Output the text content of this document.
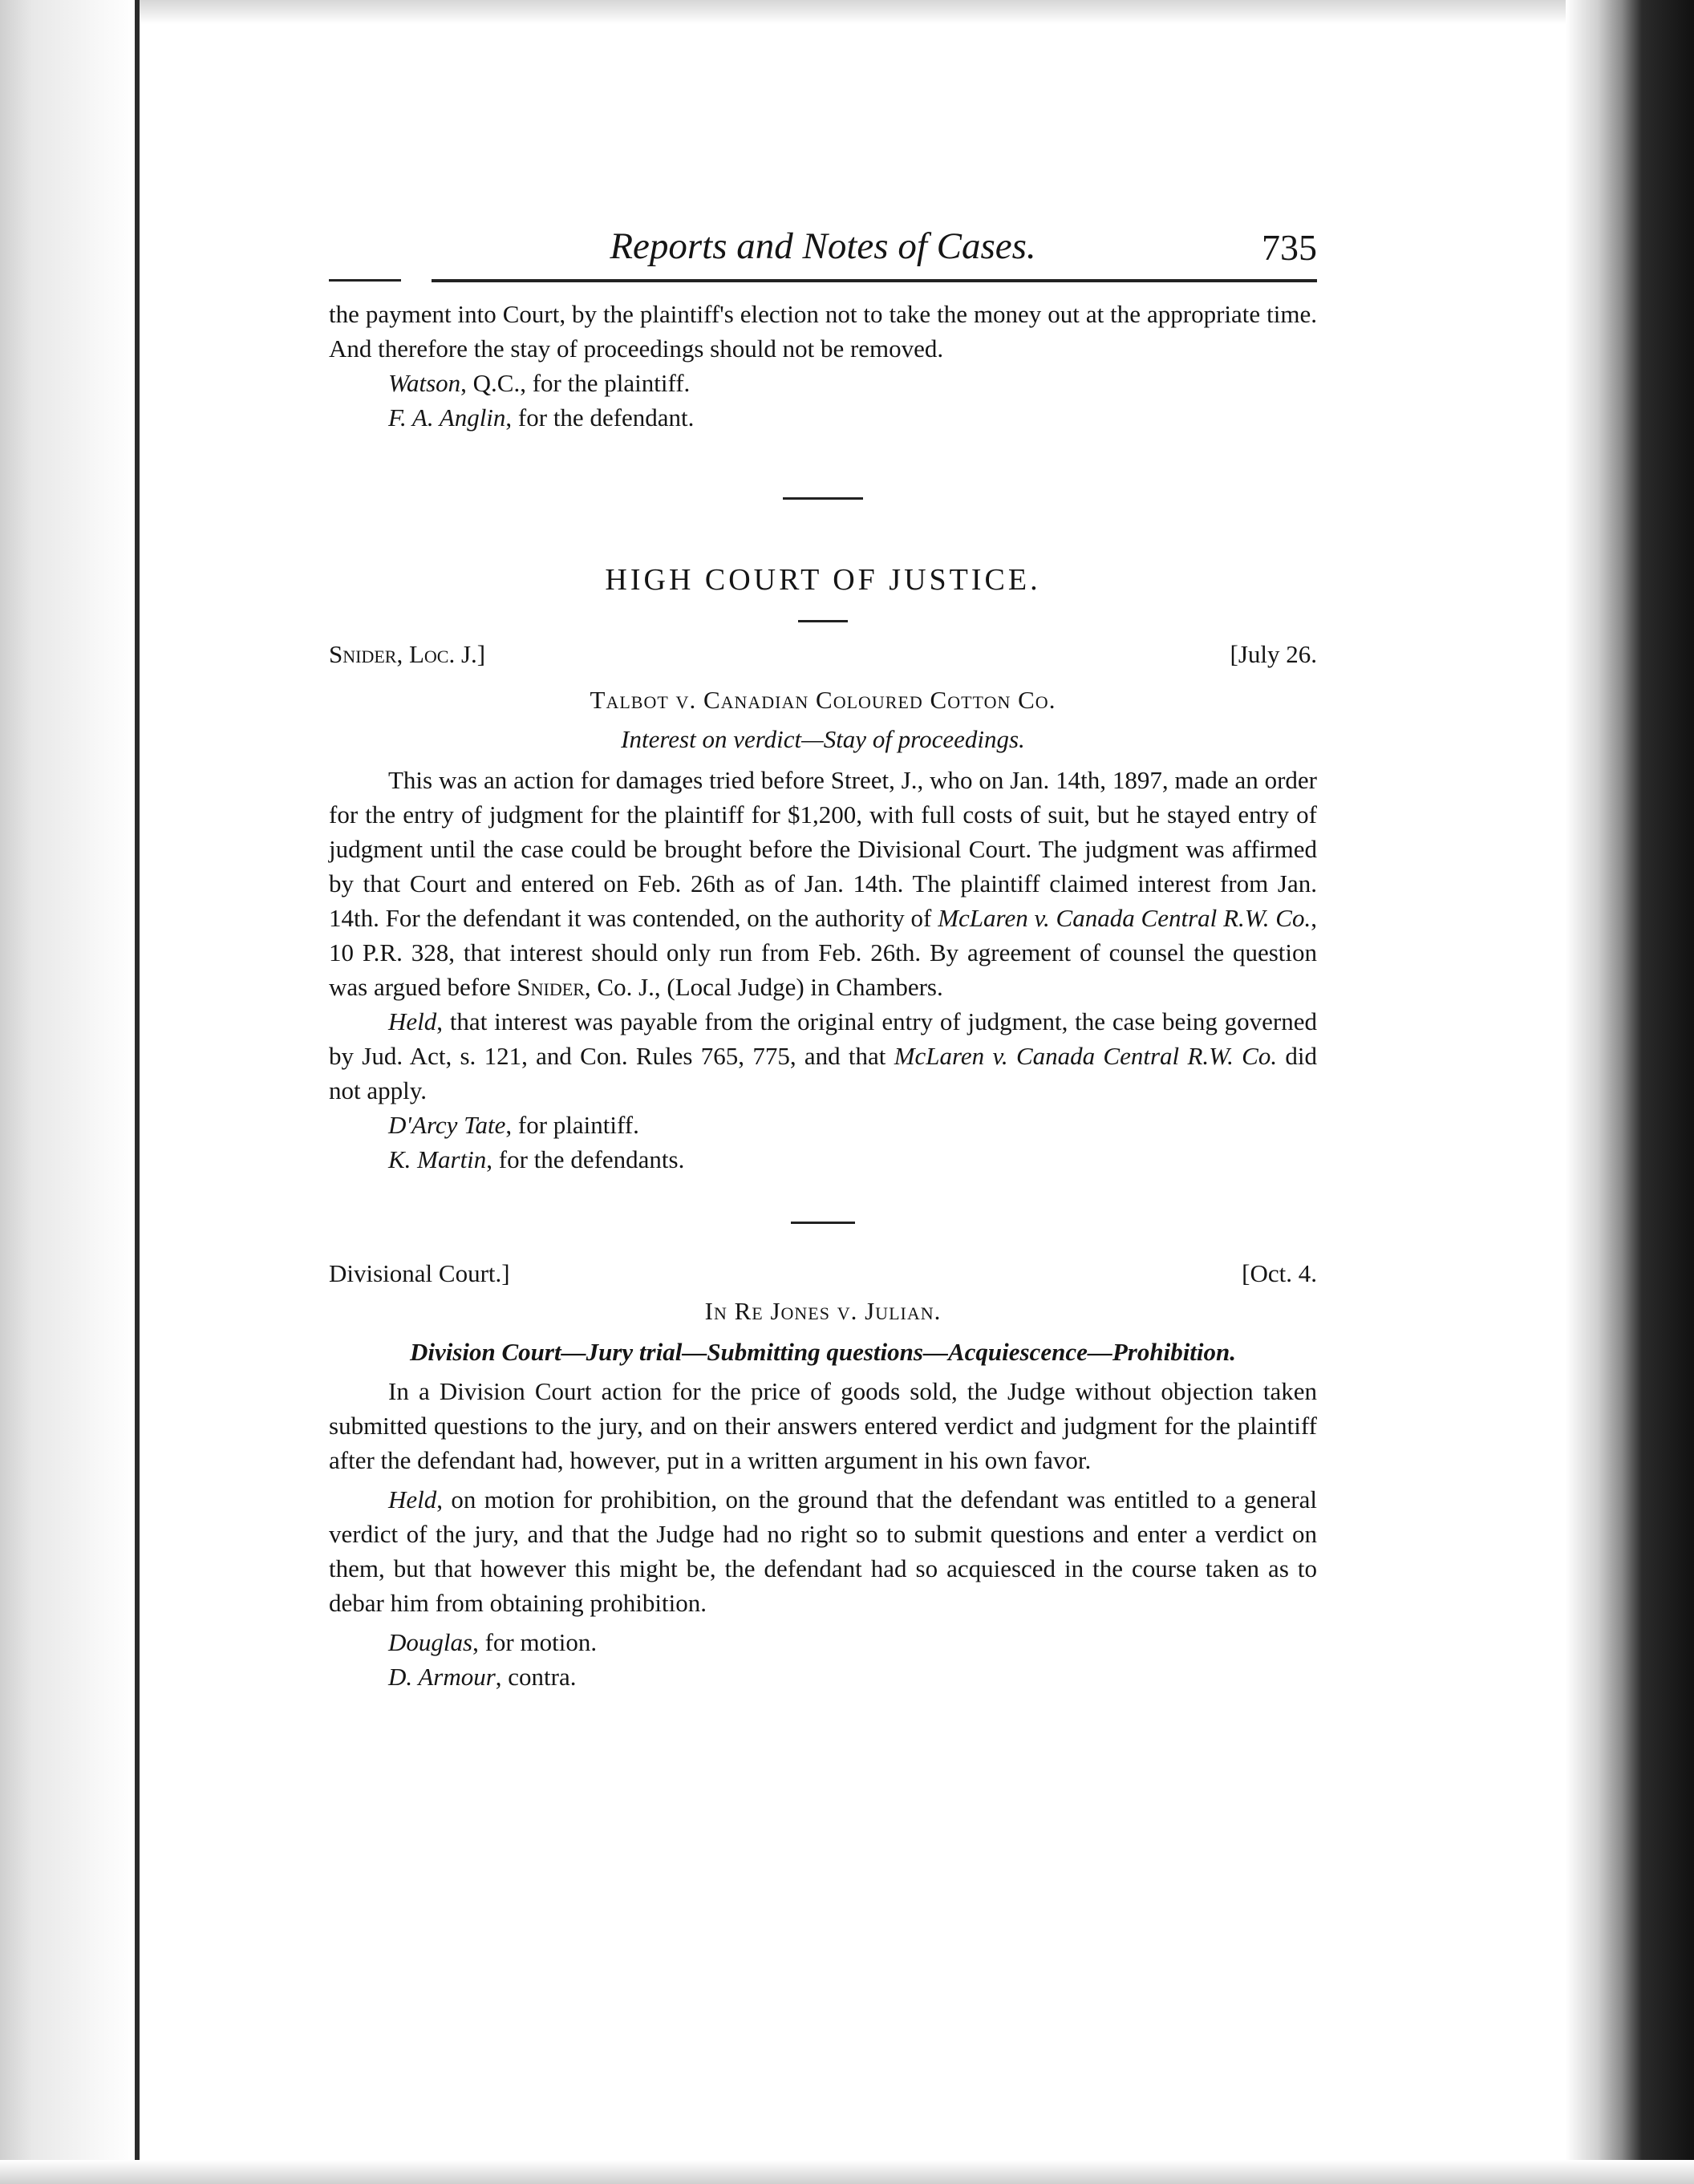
Reports and Notes of Cases.	735

the payment into Court, by the plaintiff's election not to take the money out at the appropriate time. And therefore the stay of proceedings should not be removed.

Watson, Q.C., for the plaintiff.
F. A. Anglin, for the defendant.
HIGH COURT OF JUSTICE.
Snider, Loc. J.]	[July 26.
Talbot v. Canadian Coloured Cotton Co.
Interest on verdict—Stay of proceedings.

This was an action for damages tried before Street, J., who on Jan. 14th, 1897, made an order for the entry of judgment for the plaintiff for $1,200, with full costs of suit, but he stayed entry of judgment until the case could be brought before the Divisional Court. The judgment was affirmed by that Court and entered on Feb. 26th as of Jan. 14th. The plaintiff claimed interest from Jan. 14th. For the defendant it was contended, on the authority of McLaren v. Canada Central R.W. Co., 10 P.R. 328, that interest should only run from Feb. 26th. By agreement of counsel the question was argued before Snider, Co. J., (Local Judge) in Chambers.

Held, that interest was payable from the original entry of judgment, the case being governed by Jud. Act, s. 121, and Con. Rules 765, 775, and that McLaren v. Canada Central R.W. Co. did not apply.

D'Arcy Tate, for plaintiff.
K. Martin, for the defendants.
Divisional Court.]	[Oct. 4.
In Re Jones v. Julian.
Division Court—Jury trial—Submitting questions—Acquiescence—Prohibition.

In a Division Court action for the price of goods sold, the Judge without objection taken submitted questions to the jury, and on their answers entered verdict and judgment for the plaintiff after the defendant had, however, put in a written argument in his own favor.

Held, on motion for prohibition, on the ground that the defendant was entitled to a general verdict of the jury, and that the Judge had no right so to submit questions and enter a verdict on them, but that however this might be, the defendant had so acquiesced in the course taken as to debar him from obtaining prohibition.

Douglas, for motion.
D. Armour, contra.
